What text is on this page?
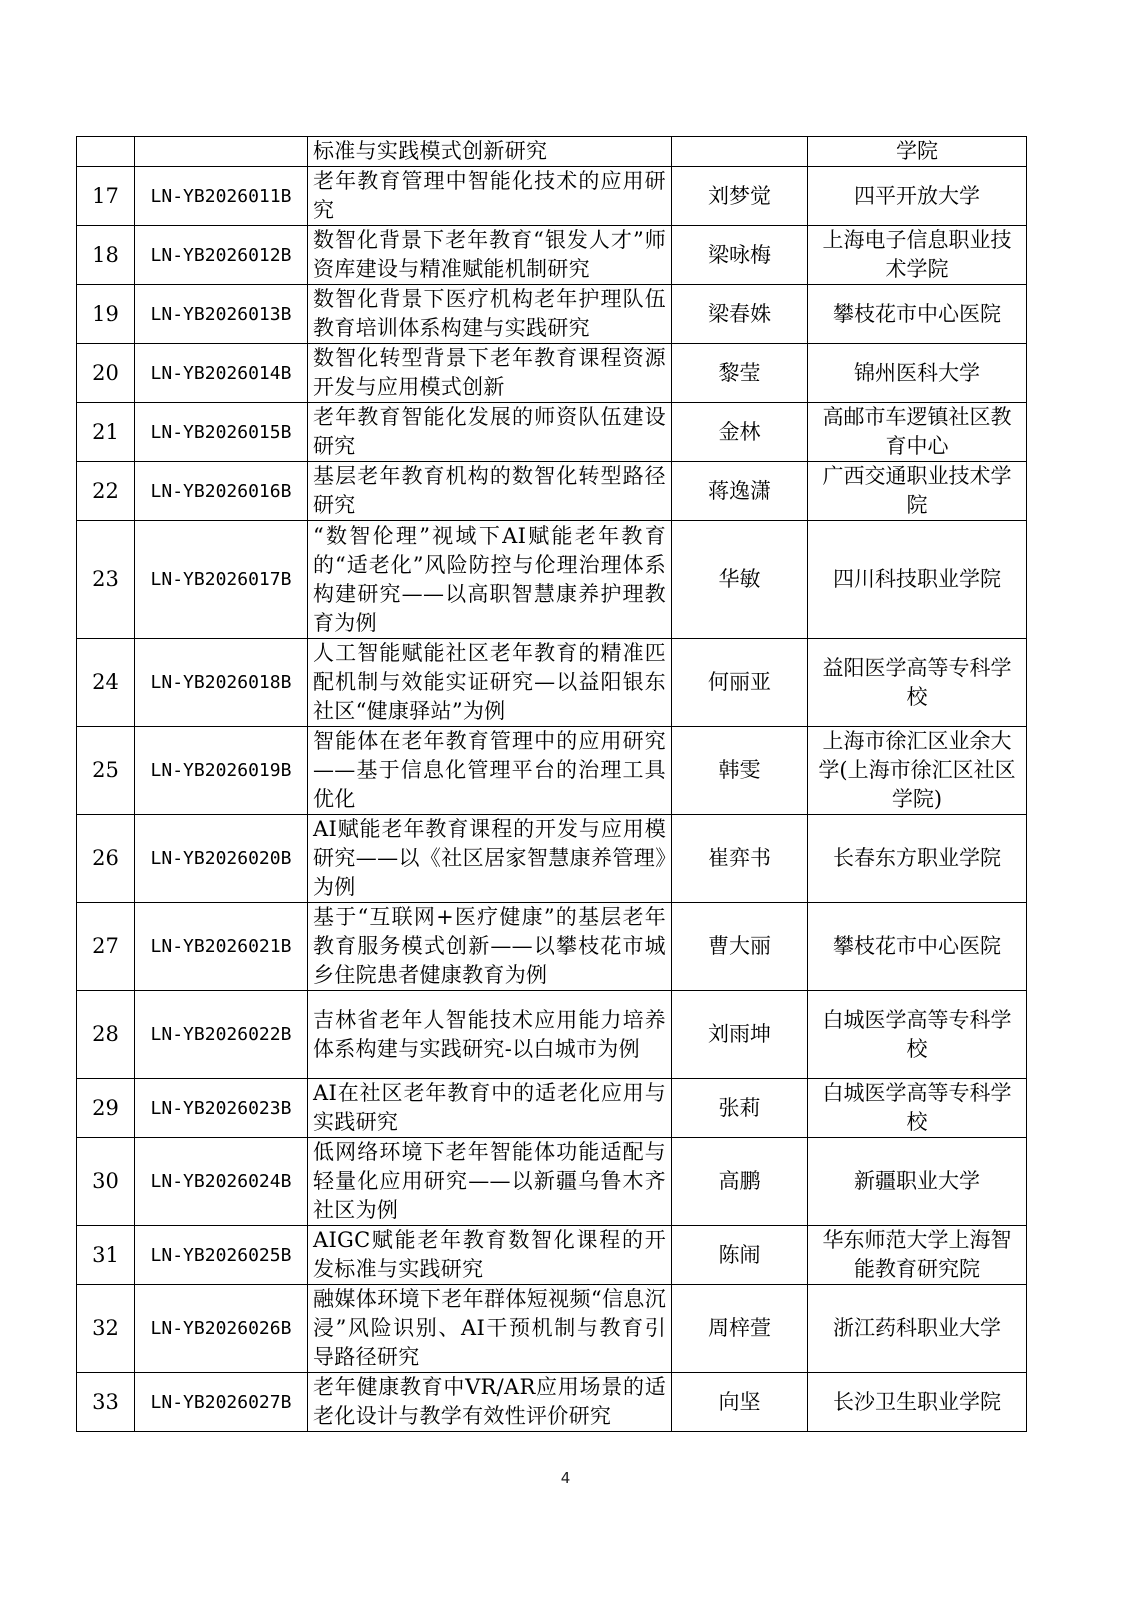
		标准与实践模式创新研究		学院
17	LN-YB2026011B	老年教育管理中智能化技术的应用研究	刘梦觉	四平开放大学
18	LN-YB2026012B	数智化背景下老年教育“银发人才”师资库建设与精准赋能机制研究	梁咏梅	上海电子信息职业技术学院
19	LN-YB2026013B	数智化背景下医疗机构老年护理队伍教育培训体系构建与实践研究	梁春姝	攀枝花市中心医院
20	LN-YB2026014B	数智化转型背景下老年教育课程资源开发与应用模式创新	黎莹	锦州医科大学
21	LN-YB2026015B	老年教育智能化发展的师资队伍建设研究	金林	高邮市车逻镇社区教育中心
22	LN-YB2026016B	基层老年教育机构的数智化转型路径研究	蒋逸潇	广西交通职业技术学院
23	LN-YB2026017B	“数智伦理”视域下AI赋能老年教育的“适老化”风险防控与伦理治理体系构建研究——以高职智慧康养护理教育为例	华敏	四川科技职业学院
24	LN-YB2026018B	人工智能赋能社区老年教育的精准匹配机制与效能实证研究—以益阳银东社区“健康驿站”为例	何丽亚	益阳医学高等专科学校
25	LN-YB2026019B	智能体在老年教育管理中的应用研究——基于信息化管理平台的治理工具优化	韩雯	上海市徐汇区业余大学(上海市徐汇区社区学院)
26	LN-YB2026020B	AI赋能老年教育课程的开发与应用模研究——以《社区居家智慧康养管理》为例	崔弈书	长春东方职业学院
27	LN-YB2026021B	基于“互联网+医疗健康”的基层老年教育服务模式创新——以攀枝花市城乡住院患者健康教育为例	曹大丽	攀枝花市中心医院
28	LN-YB2026022B	吉林省老年人智能技术应用能力培养体系构建与实践研究-以白城市为例	刘雨坤	白城医学高等专科学校
29	LN-YB2026023B	AI在社区老年教育中的适老化应用与实践研究	张莉	白城医学高等专科学校
30	LN-YB2026024B	低网络环境下老年智能体功能适配与轻量化应用研究——以新疆乌鲁木齐社区为例	高鹏	新疆职业大学
31	LN-YB2026025B	AIGC赋能老年教育数智化课程的开发标准与实践研究	陈闹	华东师范大学上海智能教育研究院
32	LN-YB2026026B	融媒体环境下老年群体短视频“信息沉浸”风险识别、AI干预机制与教育引导路径研究	周梓萱	浙江药科职业大学
33	LN-YB2026027B	老年健康教育中VR/AR应用场景的适老化设计与教学有效性评价研究	向坚	长沙卫生职业学院
4
